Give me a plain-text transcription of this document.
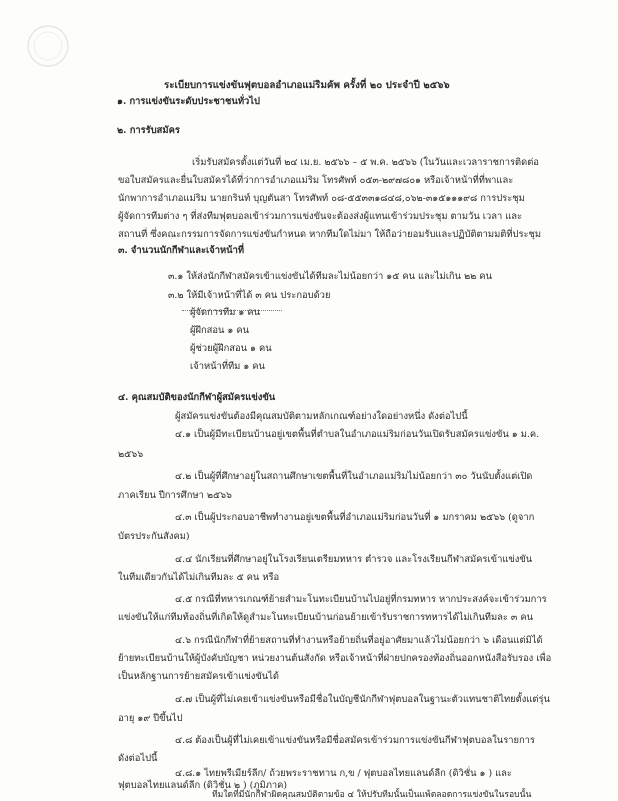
ระเบียบการแข่งขันฟุตบอลอำเภอแม่ริมคัพ ครั้งที่ ๒๐ ประจำปี ๒๕๖๖
๑. การแข่งขันระดับประชาชนทั่วไป
๒. การรับสมัคร
เริ่มรับสมัครตั้งแต่วันที่ ๒๔ เม.ย. ๒๕๖๖ – ๕ พ.ค. ๒๕๖๖ (ในวันและเวลาราชการติดต่อ
ขอใบสมัครและยื่นใบสมัครได้ที่ว่าการอำเภอแม่ริม โทรศัพท์ ๐๕๓-๒๙๗๘๐๑ หรือเจ้าหน้าที่ที่พาและ
นักพาการอำเภอแม่ริม นายกรินท์ บุญตันสา โทรศัพท์ ๐๘-๕๕๓๓๑๘๔๘,๐๖๒-๓๑๕๑๑๑๙๘ การประชุม
ผู้จัดการทีมต่าง ๆ ที่ส่งทีมฟุตบอลเข้าร่วมการแข่งขันจะต้องส่งผู้แทนเข้าร่วมประชุม ตามวัน เวลา และ
สถานที่ ซึ่งคณะกรรมการจัดการแข่งขันกำหนด หากทีมใดไม่มา ให้ถือว่ายอมรับและปฏิบัติตามมติที่ประชุม
๓. จำนวนนักกีฬาและเจ้าหน้าที่
๓.๑ ให้ส่งนักกีฬาสมัครเข้าแข่งขันได้ทีมละไม่น้อยกว่า ๑๕ คน และไม่เกิน ๒๒ คน
๓.๒ ให้มีเจ้าหน้าที่ได้ ๓ คน ประกอบด้วย
ผู้จัดการทีม ๑ คน
ผู้ฝึกสอน ๑ คน
ผู้ช่วยผู้ฝึกสอน ๑ คน
เจ้าหน้าที่ทีม ๑ คน
๔. คุณสมบัติของนักกีฬาผู้สมัครแข่งขัน
ผู้สมัครแข่งขันต้องมีคุณสมบัติตามหลักเกณฑ์อย่างใดอย่างหนึ่ง ดังต่อไปนี้
๔.๑ เป็นผู้มีทะเบียนบ้านอยู่เขตพื้นที่ตำบลในอำเภอแม่ริมก่อนวันเปิดรับสมัครแข่งขัน ๑ ม.ค.
๒๕๖๖
๔.๒ เป็นผู้ที่ศึกษาอยู่ในสถานศึกษาเขตพื้นที่ในอำเภอแม่ริมไม่น้อยกว่า ๓๐ วันนับตั้งแต่เปิด
ภาคเรียน ปีการศึกษา ๒๕๖๖
๔.๓ เป็นผู้ประกอบอาชีพทำงานอยู่เขตพื้นที่อำเภอแม่ริมก่อนวันที่ ๑ มกราคม ๒๕๖๖ (ดูจาก
บัตรประกันสังคม)
๔.๔ นักเรียนที่ศึกษาอยู่ในโรงเรียนเตรียมทหาร ตำรวจ และโรงเรียนกีฬาสมัครเข้าแข่งขัน
ในทีมเดียวกันได้ไม่เกินทีมละ ๕ คน หรือ
๔.๕ กรณีที่ทหารเกณฑ์ย้ายสำมะโนทะเบียนบ้านไปอยู่ที่กรมทหาร หากประสงค์จะเข้าร่วมการ
แข่งขันให้แก่ทีมท้องถิ่นที่เกิดให้ดูสำมะโนทะเบียนบ้านก่อนย้ายเข้ารับราชการทหารได้ไม่เกินทีมละ ๓ คน
๔.๖ กรณีนักกีฬาที่ย้ายสถานที่ทำงานหรือย้ายถิ่นที่อยู่อาศัยมาแล้วไม่น้อยกว่า ๖ เดือนแต่มิได้
ย้ายทะเบียนบ้านให้ผู้บังคับบัญชา หน่วยงานต้นสังกัด หรือเจ้าหน้าที่ฝ่ายปกครองท้องถิ่นออกหนังสือรับรอง เพื่อ
เป็นหลักฐานการย้ายสมัครเข้าแข่งขันได้
๔.๗ เป็นผู้ที่ไม่เคยเข้าแข่งขันหรือมีชื่อในบัญชีนักกีฬาฟุตบอลในฐานะตัวแทนชาติไทยตั้งแต่รุ่น
อายุ ๑๙ ปีขึ้นไป
๔.๘ ต้องเป็นผู้ที่ไม่เคยเข้าแข่งขันหรือมีชื่อสมัครเข้าร่วมการแข่งขันกีฬาฟุตบอลในรายการ
ดังต่อไปนี้
๔.๘.๑ ไทยพรีเมียร์ลีก/ ถ้วยพระราชทาน ก,ข / ฟุตบอลไทยแลนด์ลีก (ดิวิชั่น ๑ ) และ
ฟุตบอลไทยแลนด์ลีก (ดิวิชั่น ๒ ) (ภูมิภาค)
ทีมใดที่มีนักกีฬาผิดคุณสมบัติตามข้อ ๔ ให้ปรับทีมนั้นเป็นแพ้ตลอดการแข่งขันในรอบนั้น
